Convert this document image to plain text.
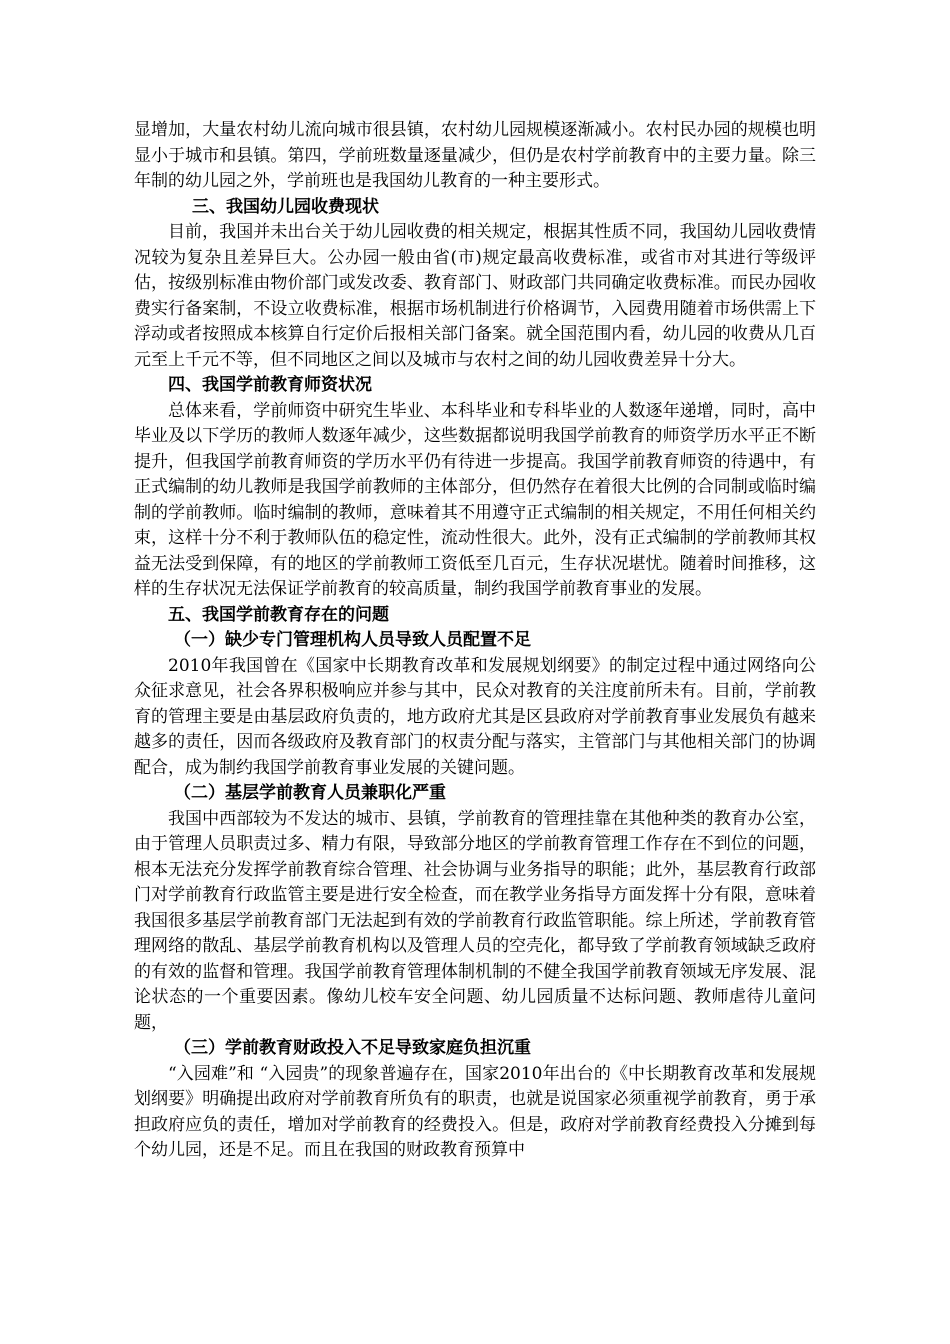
显增加，大量农村幼儿流向城市很县镇，农村幼儿园规模逐渐减小。农村民办园的规模也明显小于城市和县镇。第四，学前班数量逐量减少，但仍是农村学前教育中的主要力量。除三年制的幼儿园之外，学前班也是我国幼儿教育的一种主要形式。

三、我国幼儿园收费现状

目前，我国并未出台关于幼儿园收费的相关规定，根据其性质不同，我国幼儿园收费情况较为复杂且差异巨大。公办园一般由省(市)规定最高收费标准，或省市对其进行等级评估，按级别标准由物价部门或发改委、教育部门、财政部门共同确定收费标准。而民办园收费实行备案制，不设立收费标准，根据市场机制进行价格调节，入园费用随着市场供需上下浮动或者按照成本核算自行定价后报相关部门备案。就全国范围内看，幼儿园的收费从几百元至上千元不等，但不同地区之间以及城市与农村之间的幼儿园收费差异十分大。

四、我国学前教育师资状况

总体来看，学前师资中研究生毕业、本科毕业和专科毕业的人数逐年递增，同时，高中毕业及以下学历的教师人数逐年减少，这些数据都说明我国学前教育的师资学历水平正不断提升，但我国学前教育师资的学历水平仍有待进一步提高。我国学前教育师资的待遇中，有正式编制的幼儿教师是我国学前教师的主体部分，但仍然存在着很大比例的合同制或临时编制的学前教师。临时编制的教师，意味着其不用遵守正式编制的相关规定，不用任何相关约束，这样十分不利于教师队伍的稳定性，流动性很大。此外，没有正式编制的学前教师其权益无法受到保障，有的地区的学前教师工资低至几百元，生存状况堪忧。随着时间推移，这样的生存状况无法保证学前教育的较高质量，制约我国学前教育事业的发展。

五、我国学前教育存在的问题

（一）缺少专门管理机构人员导致人员配置不足

2010年我国曾在《国家中长期教育改革和发展规划纲要》的制定过程中通过网络向公众征求意见，社会各界积极响应并参与其中，民众对教育的关注度前所未有。目前，学前教育的管理主要是由基层政府负责的，地方政府尤其是区县政府对学前教育事业发展负有越来越多的责任，因而各级政府及教育部门的权责分配与落实，主管部门与其他相关部门的协调配合，成为制约我国学前教育事业发展的关键问题。

（二）基层学前教育人员兼职化严重

我国中西部较为不发达的城市、县镇，学前教育的管理挂靠在其他种类的教育办公室，由于管理人员职责过多、精力有限，导致部分地区的学前教育管理工作存在不到位的问题，根本无法充分发挥学前教育综合管理、社会协调与业务指导的职能；此外，基层教育行政部门对学前教育行政监管主要是进行安全检查，而在教学业务指导方面发挥十分有限，意味着我国很多基层学前教育部门无法起到有效的学前教育行政监管职能。综上所述，学前教育管理网络的散乱、基层学前教育机构以及管理人员的空壳化，都导致了学前教育领域缺乏政府的有效的监督和管理。我国学前教育管理体制机制的不健全我国学前教育领域无序发展、混论状态的一个重要因素。像幼儿校车安全问题、幼儿园质量不达标问题、教师虐待儿童问题，

（三）学前教育财政投入不足导致家庭负担沉重

“入园难”和 “入园贵”的现象普遍存在，国家2010年出台的《中长期教育改革和发展规划纲要》明确提出政府对学前教育所负有的职责，也就是说国家必须重视学前教育，勇于承担政府应负的责任，增加对学前教育的经费投入。但是，政府对学前教育经费投入分摊到每个幼儿园，还是不足。而且在我国的财政教育预算中
